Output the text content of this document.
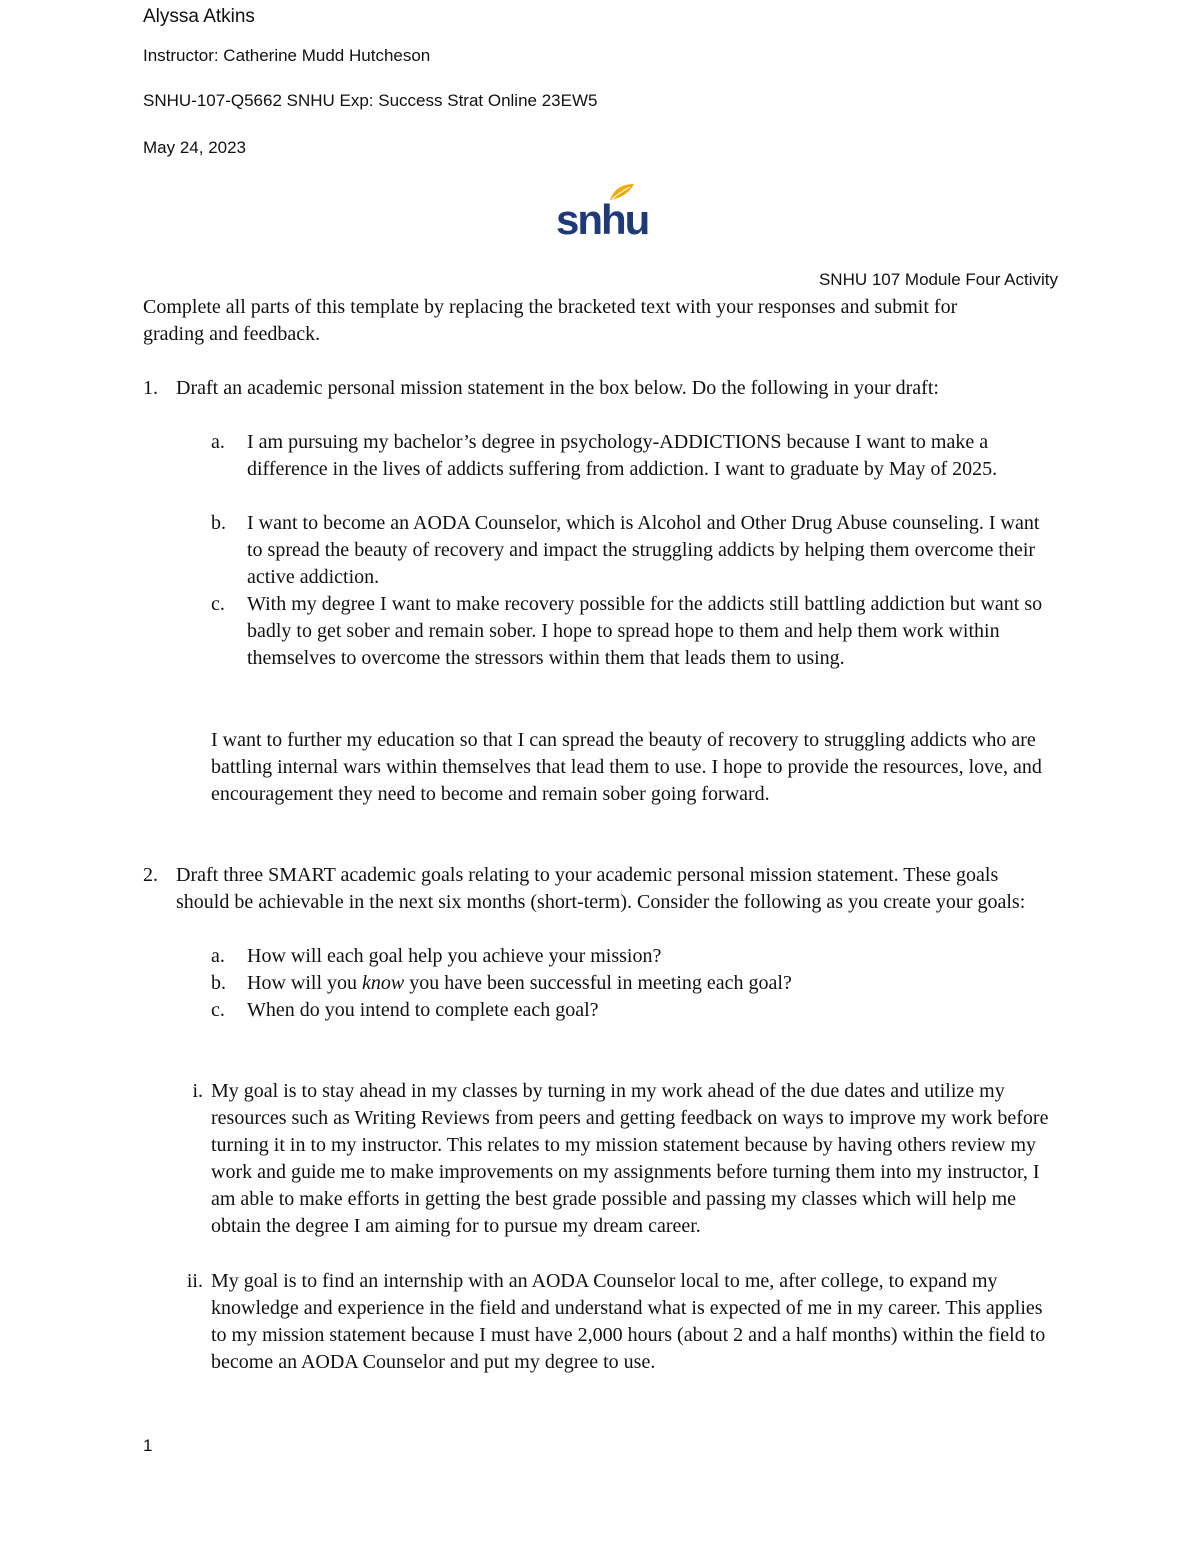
Alyssa Atkins
Instructor: Catherine Mudd Hutcheson
SNHU-107-Q5662 SNHU Exp: Success Strat Online 23EW5
May 24, 2023
snhu
SNHU 107 Module Four Activity
Complete all parts of this template by replacing the bracketed text with your responses and submit for grading and feedback.
1. Draft an academic personal mission statement in the box below. Do the following in your draft:
a. I am pursuing my bachelor’s degree in psychology-ADDICTIONS because I want to make a difference in the lives of addicts suffering from addiction. I want to graduate by May of 2025.
b. I want to become an AODA Counselor, which is Alcohol and Other Drug Abuse counseling. I want to spread the beauty of recovery and impact the struggling addicts by helping them overcome their active addiction.
c. With my degree I want to make recovery possible for the addicts still battling addiction but want so badly to get sober and remain sober. I hope to spread hope to them and help them work within themselves to overcome the stressors within them that leads them to using.
I want to further my education so that I can spread the beauty of recovery to struggling addicts who are battling internal wars within themselves that lead them to use. I hope to provide the resources, love, and encouragement they need to become and remain sober going forward.
2. Draft three SMART academic goals relating to your academic personal mission statement. These goals should be achievable in the next six months (short-term). Consider the following as you create your goals:
a. How will each goal help you achieve your mission?
b. How will you know you have been successful in meeting each goal?
c. When do you intend to complete each goal?
i. My goal is to stay ahead in my classes by turning in my work ahead of the due dates and utilize my resources such as Writing Reviews from peers and getting feedback on ways to improve my work before turning it in to my instructor. This relates to my mission statement because by having others review my work and guide me to make improvements on my assignments before turning them into my instructor, I am able to make efforts in getting the best grade possible and passing my classes which will help me obtain the degree I am aiming for to pursue my dream career.
ii. My goal is to find an internship with an AODA Counselor local to me, after college, to expand my knowledge and experience in the field and understand what is expected of me in my career. This applies to my mission statement because I must have 2,000 hours (about 2 and a half months) within the field to become an AODA Counselor and put my degree to use.
1
